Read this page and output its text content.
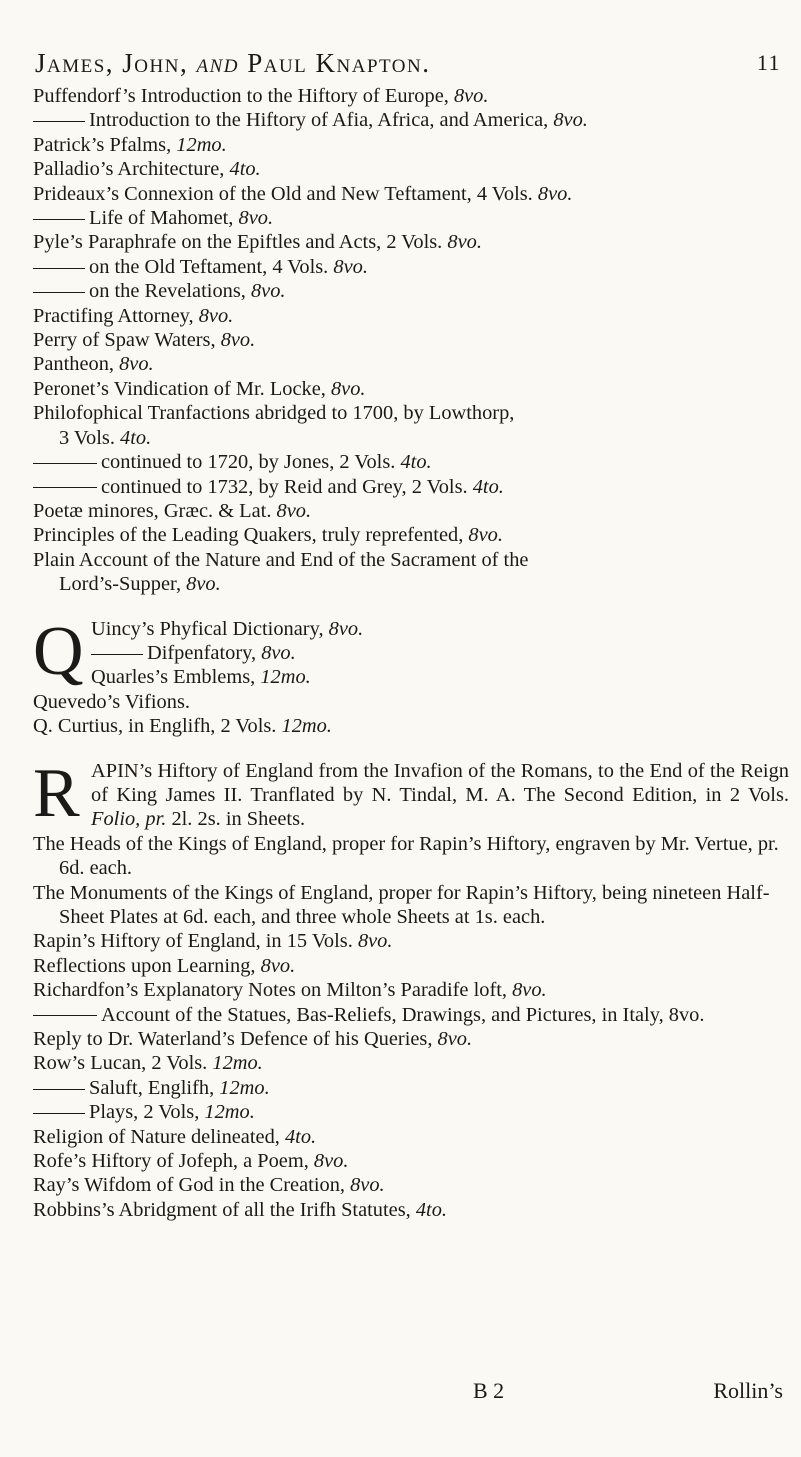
James, John, and Paul Knapton.	11
Puffendorf’s Introduction to the Hiftory of Europe, 8vo.
Introduction to the Hiftory of Afia, Africa, and America, 8vo.
Patrick’s Pfalms, 12mo.
Palladio’s Architecture, 4to.
Prideaux’s Connexion of the Old and New Teftament, 4 Vols. 8vo.
Life of Mahomet, 8vo.
Pyle’s Paraphrafe on the Epiftles and Acts, 2 Vols. 8vo.
on the Old Teftament, 4 Vols. 8vo.
on the Revelations, 8vo.
Practifing Attorney, 8vo.
Perry of Spaw Waters, 8vo.
Pantheon, 8vo.
Peronet’s Vindication of Mr. Locke, 8vo.
Philofophical Tranfactions abridged to 1700, by Lowthorp,
3 Vols. 4to.
continued to 1720, by Jones, 2 Vols. 4to.
continued to 1732, by Reid and Grey, 2 Vols. 4to.
Poetæ minores, Græc. & Lat. 8vo.
Principles of the Leading Quakers, truly reprefented, 8vo.
Plain Account of the Nature and End of the Sacrament of the
Lord’s-Supper, 8vo.
Q Uincy’s Phyfical Dictionary, 8vo.
Difpenfatory, 8vo.
Quarles’s Emblems, 12mo.
Quevedo’s Vifions.
Q. Curtius, in Englifh, 2 Vols. 12mo.
R APIN’s Hiftory of England from the Invafion of the Romans, to the End of the Reign of King James II. Tranflated by N. Tindal, M. A. The Second Edition, in 2 Vols. Folio, pr. 2l. 2s. in Sheets.
The Heads of the Kings of England, proper for Rapin’s Hiftory, engraven by Mr. Vertue, pr. 6d. each.
The Monuments of the Kings of England, proper for Rapin’s Hiftory, being nineteen Half-Sheet Plates at 6d. each, and three whole Sheets at 1s. each.
Rapin’s Hiftory of England, in 15 Vols. 8vo.
Reflections upon Learning, 8vo.
Richardfon’s Explanatory Notes on Milton’s Paradife loft, 8vo.
Account of the Statues, Bas-Reliefs, Drawings, and Pictures, in Italy, 8vo.
Reply to Dr. Waterland’s Defence of his Queries, 8vo.
Row’s Lucan, 2 Vols. 12mo.
Saluft, Englifh, 12mo.
Plays, 2 Vols, 12mo.
Religion of Nature delineated, 4to.
Rofe’s Hiftory of Jofeph, a Poem, 8vo.
Ray’s Wifdom of God in the Creation, 8vo.
Robbins’s Abridgment of all the Irifh Statutes, 4to.
B 2	Rollin’s
